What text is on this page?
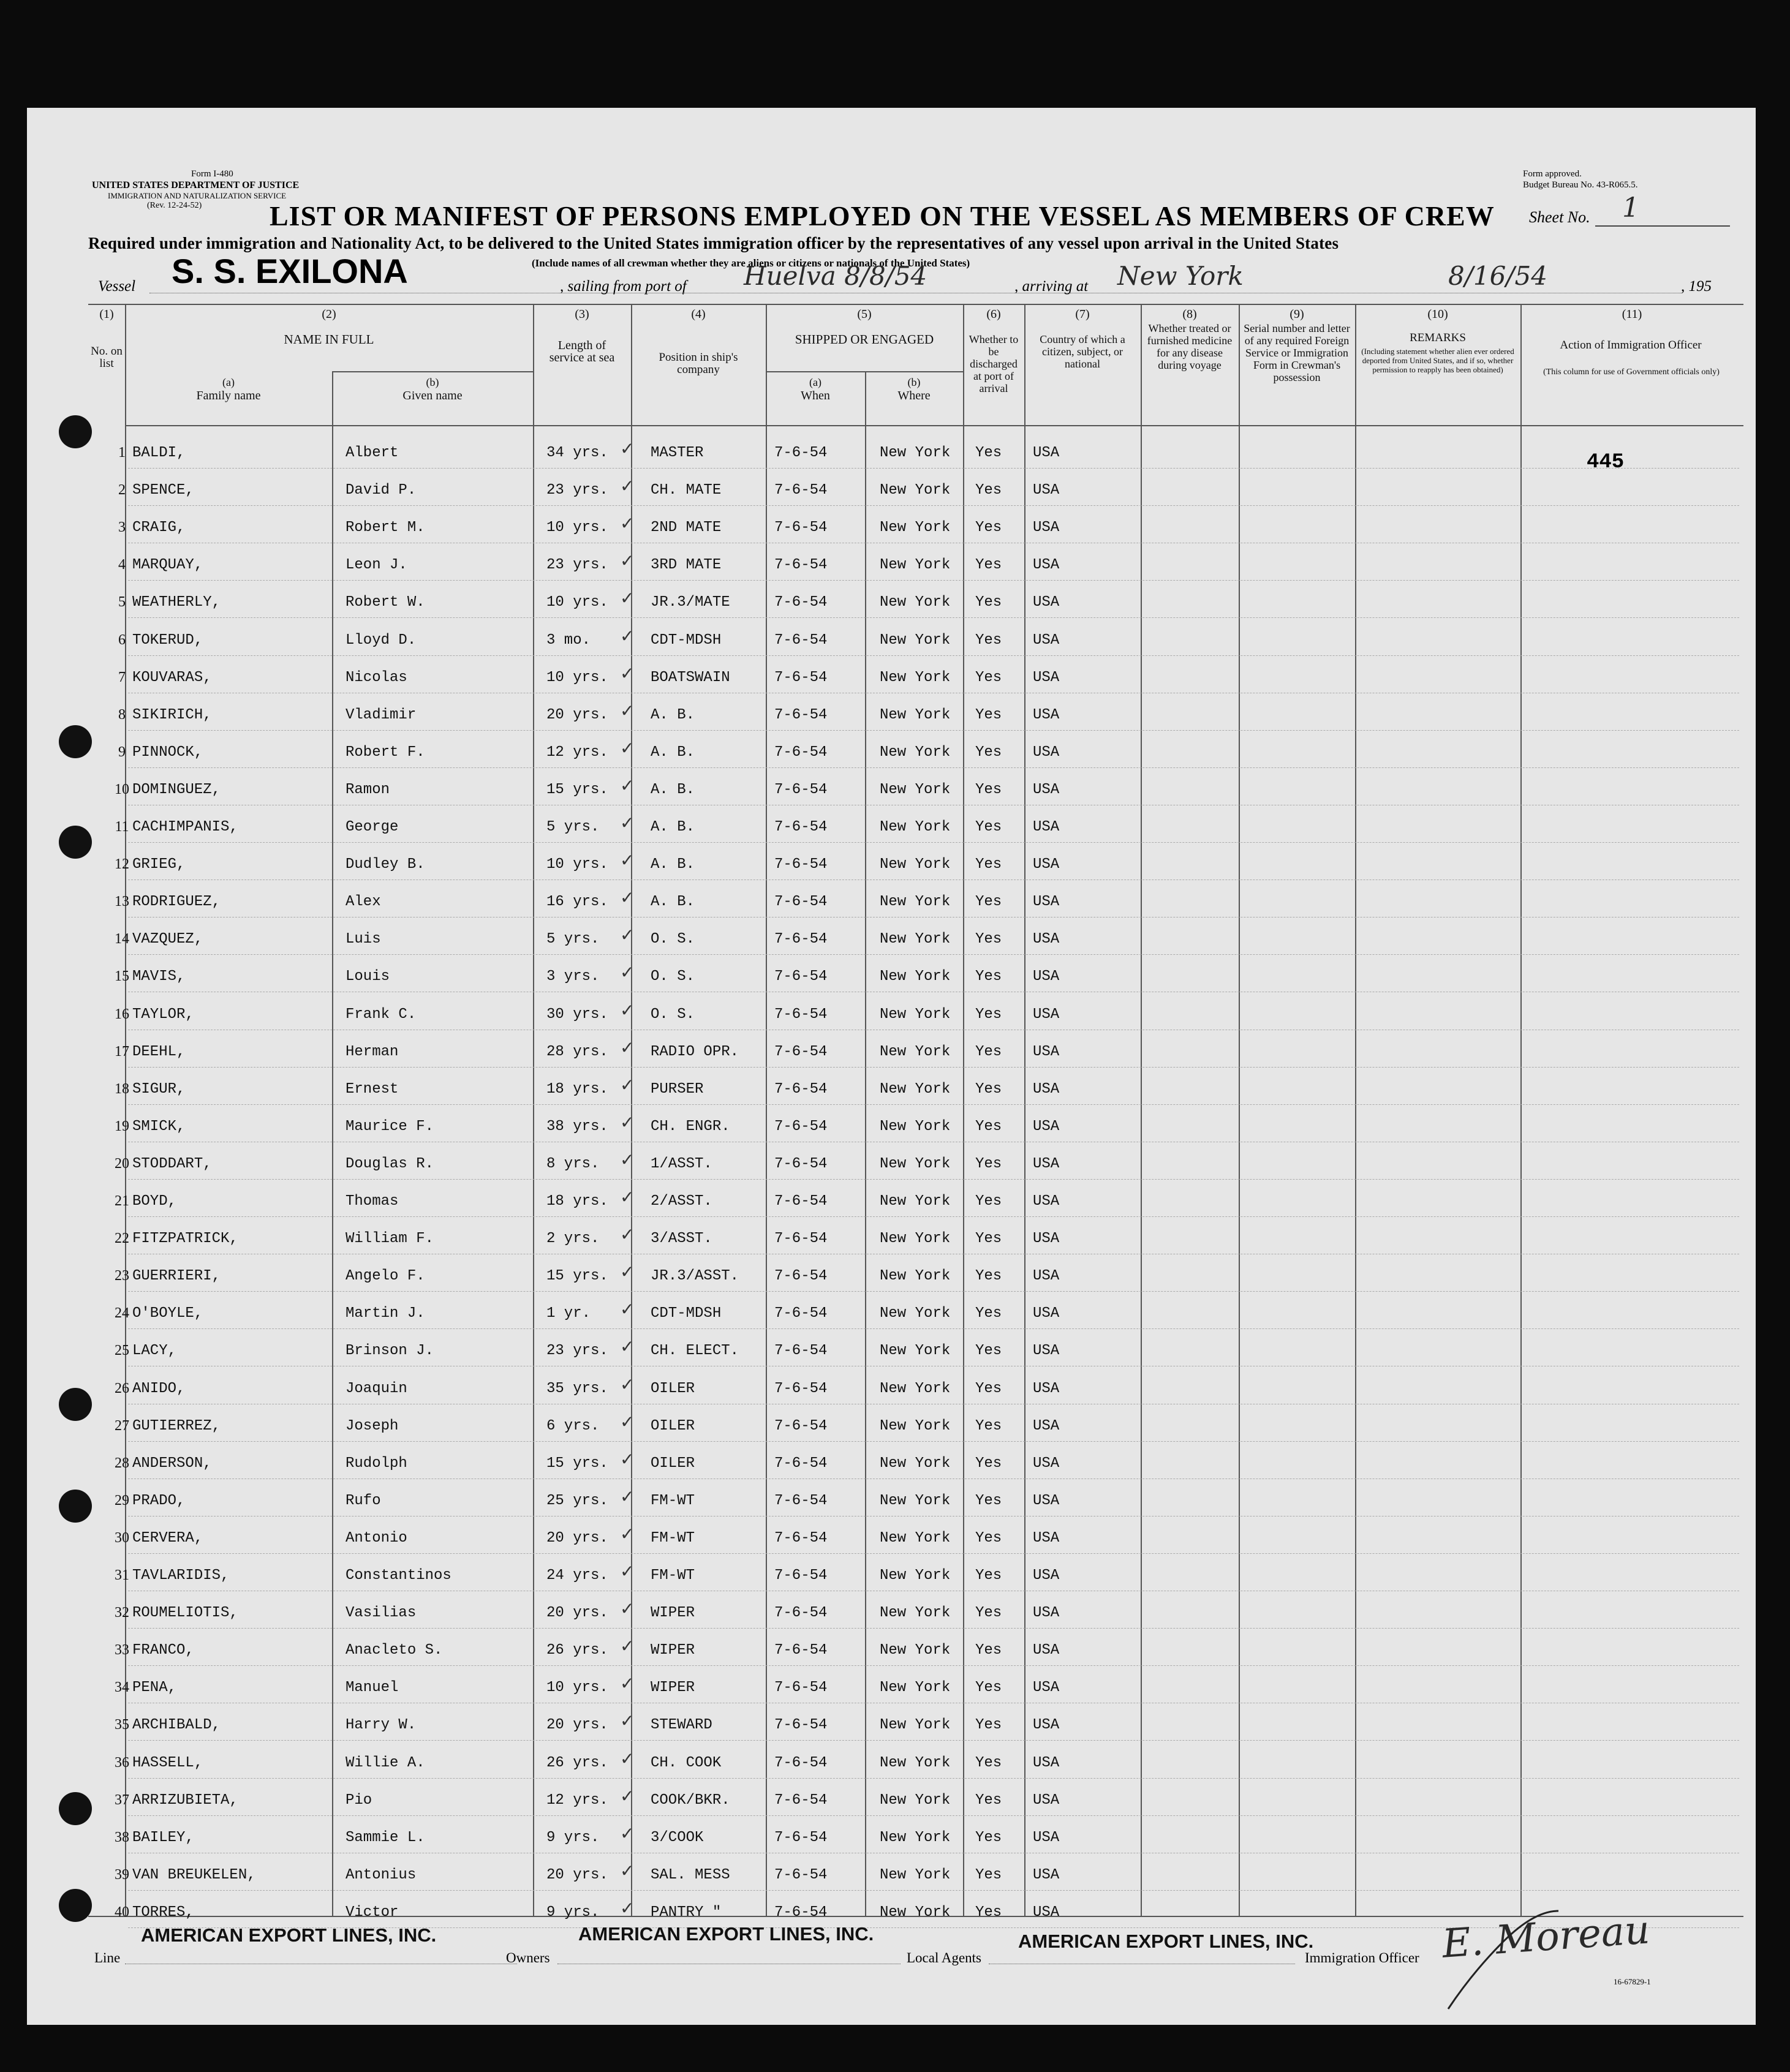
Form I-480
UNITED STATES DEPARTMENT OF JUSTICE
IMMIGRATION AND NATURALIZATION SERVICE
(Rev. 12-24-52)
Form approved.
Budget Bureau No. 43-R065.5.
LIST OR MANIFEST OF PERSONS EMPLOYED ON THE VESSEL AS MEMBERS OF CREW Sheet No. 1
Required under immigration and Nationality Act, to be delivered to the United States immigration officer by the representatives of any vessel upon arrival in the United States
(Include names of all crewman whether they are aliens or citizens or nationals of the United States)
Vessel S. S. EXILONA	, sailing from port of Huelva 8/8/54	, arriving at New York	8/16/54	, 195
(1)
No. on list
(2)
NAME IN FULL
(a)
Family name
(b)
Given name
(3)
Length of service at sea
(4)
Position in ship's company
(5)
SHIPPED OR ENGAGED
(a)
When
(b)
Where
(6)
Whether to be discharged at port of arrival
(7)
Country of which a citizen, subject, or national
(8)
Whether treated or furnished medicine for any disease during voyage
(9)
Serial number and letter of any required Foreign Service or Immigration Form in Crewman's possession
(10)
REMARKS
(Including statement whether alien ever ordered deported from United States, and if so, whether permission to reapply has been obtained)
(11)
Action of Immigration Officer
(This column for use of Government officials only)
445
1 BALDI,	Albert	34 yrs.	MASTER	7-6-54	New York Yes USA
✓
2 SPENCE,	David P.	23 yrs.	CH. MATE	7-6-54	New York Yes USA
✓
3 CRAIG,	Robert M.	10 yrs.	2ND MATE	7-6-54	New York Yes USA
✓
4 MARQUAY,	Leon J.	23 yrs.	3RD MATE	7-6-54	New York Yes USA
✓
5 WEATHERLY,	Robert W.	10 yrs.	JR.3/MATE	7-6-54	New York Yes USA
✓
6 TOKERUD,	Lloyd D.	3 mo.	CDT-MDSH	7-6-54	New York Yes USA
✓
7 KOUVARAS,	Nicolas	10 yrs.	BOATSWAIN	7-6-54	New York Yes USA
✓
8 SIKIRICH,	Vladimir	20 yrs.	A. B.	7-6-54	New York Yes USA
✓
9 PINNOCK,	Robert F.	12 yrs.	A. B.	7-6-54	New York Yes USA
✓
10 DOMINGUEZ,	Ramon	15 yrs.	A. B.	7-6-54	New York Yes USA
✓
11 CACHIMPANIS,	George	5 yrs.	A. B.	7-6-54	New York Yes USA
✓
12 GRIEG,	Dudley B.	10 yrs.	A. B.	7-6-54	New York Yes USA
✓
13 RODRIGUEZ,	Alex	16 yrs.	A. B.	7-6-54	New York Yes USA
✓
14 VAZQUEZ,	Luis	5 yrs.	O. S.	7-6-54	New York Yes USA
✓
15 MAVIS,	Louis	3 yrs.	O. S.	7-6-54	New York Yes USA
✓
16 TAYLOR,	Frank C.	30 yrs.	O. S.	7-6-54	New York Yes USA
✓
17 DEEHL,	Herman	28 yrs.	RADIO OPR. 7-6-54	New York Yes USA
✓
18 SIGUR,	Ernest	18 yrs.	PURSER	7-6-54	New York Yes USA
✓
19 SMICK,	Maurice F.	38 yrs.	CH. ENGR.	7-6-54	New York Yes USA
✓
20 STODDART,	Douglas R.	8 yrs.	1/ASST.	7-6-54	New York Yes USA
✓
21 BOYD,	Thomas	18 yrs.	2/ASST.	7-6-54	New York Yes USA
✓
22 FITZPATRICK,	William F.	2 yrs.	3/ASST.	7-6-54	New York Yes USA
✓
23 GUERRIERI,	Angelo F.	15 yrs.	JR.3/ASST. 7-6-54	New York Yes USA
✓
24 O'BOYLE,	Martin J.	1 yr.	CDT-MDSH	7-6-54	New York Yes USA
✓
25 LACY,	Brinson J.	23 yrs.	CH. ELECT. 7-6-54	New York Yes USA
✓
26 ANIDO,	Joaquin	35 yrs.	OILER	7-6-54	New York Yes USA
✓
27 GUTIERREZ,	Joseph	6 yrs.	OILER	7-6-54	New York Yes USA
✓
28 ANDERSON,	Rudolph	15 yrs.	OILER	7-6-54	New York Yes USA
✓
29 PRADO,	Rufo	25 yrs.	FM-WT	7-6-54	New York Yes USA
✓
30 CERVERA,	Antonio	20 yrs.	FM-WT	7-6-54	New York Yes USA
✓
31 TAVLARIDIS,	Constantinos	24 yrs.	FM-WT	7-6-54	New York Yes USA
✓
32 ROUMELIOTIS,	Vasilias	20 yrs.	WIPER	7-6-54	New York Yes USA
✓
33 FRANCO,	Anacleto S.	26 yrs.	WIPER	7-6-54	New York Yes USA
✓
34 PENA,	Manuel	10 yrs.	WIPER	7-6-54	New York Yes USA
✓
35 ARCHIBALD,	Harry W.	20 yrs.	STEWARD	7-6-54	New York Yes USA
✓
36 HASSELL,	Willie A.	26 yrs.	CH. COOK	7-6-54	New York Yes USA
✓
37 ARRIZUBIETA,	Pio	12 yrs.	COOK/BKR.	7-6-54	New York Yes USA
✓
38 BAILEY,	Sammie L.	9 yrs.	3/COOK	7-6-54	New York Yes USA
✓
39 VAN BREUKELEN,	Antonius	20 yrs.	SAL. MESS	7-6-54	New York Yes USA
✓
40 TORRES,	Victor	9 yrs.	PANTRY "	7-6-54	New York Yes USA
✓
Line
AMERICAN EXPORT LINES, INC.
Owners
AMERICAN EXPORT LINES, INC.
Local Agents
AMERICAN EXPORT LINES, INC.
Immigration Officer E. Moreau
16-67829-1
